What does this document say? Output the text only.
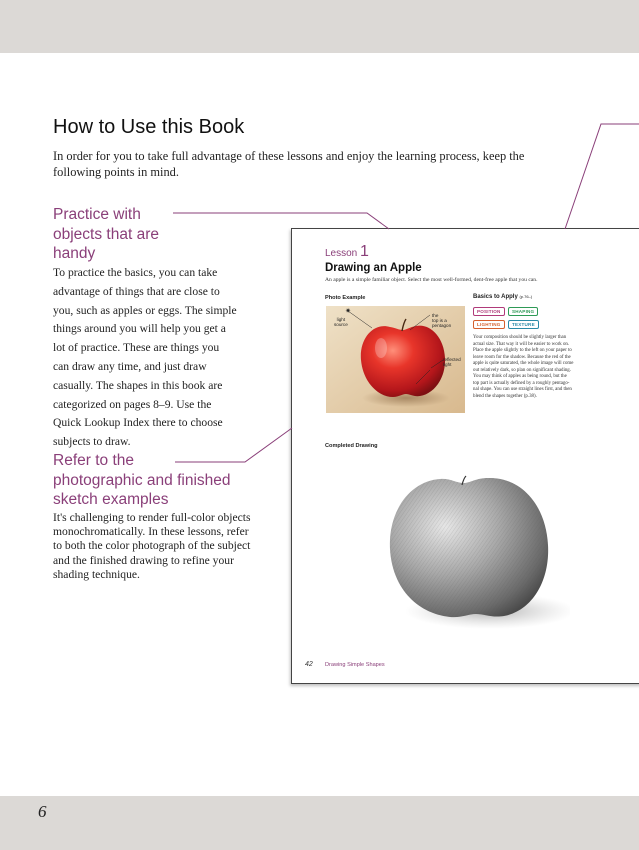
How to Use this Book

In order for you to take full advantage of these lessons and enjoy the learning process, keep the following points in mind.

Practice with
objects that are
handy
To practice the basics, you can take
advantage of things that are close to
you, such as apples or eggs. The simple
things around you will help you get a
lot of practice. These are things you
can draw any time, and just draw
casually. The shapes in this book are
categorized on pages 8–9. Use the
Quick Lookup Index there to choose
subjects to draw.
Refer to the
photographic and finished
sketch examples
It's challenging to render full-color objects
monochromatically. In these lessons, refer
to both the color photograph of the subject
and the finished drawing to refine your
shading technique.
Lesson 1
Drawing an Apple
An apple is a simple familiar object. Select the most well-formed, dent-free apple that you can.
Photo Example
✷
light
source
the
top is a
pentagon
reflected
light
Basics to Apply (p.76–)
POSITION	SHAPING
LIGHTING	TEXTURE
Your composition should be slightly larger than
actual size. That way it will be easier to work on.
Place the apple slightly to the left on your paper to
leave room for the shadow. Because the red of the
apple is quite saturated, the whole image will come
out relatively dark, so plan on significant shading.
You may think of apples as being round, but the
top part is actually defined by a roughly pentago-
nal shape. You can use straight lines first, and then
blend the shapes together (p.38).
Completed Drawing
42 Drawing Simple Shapes
6
